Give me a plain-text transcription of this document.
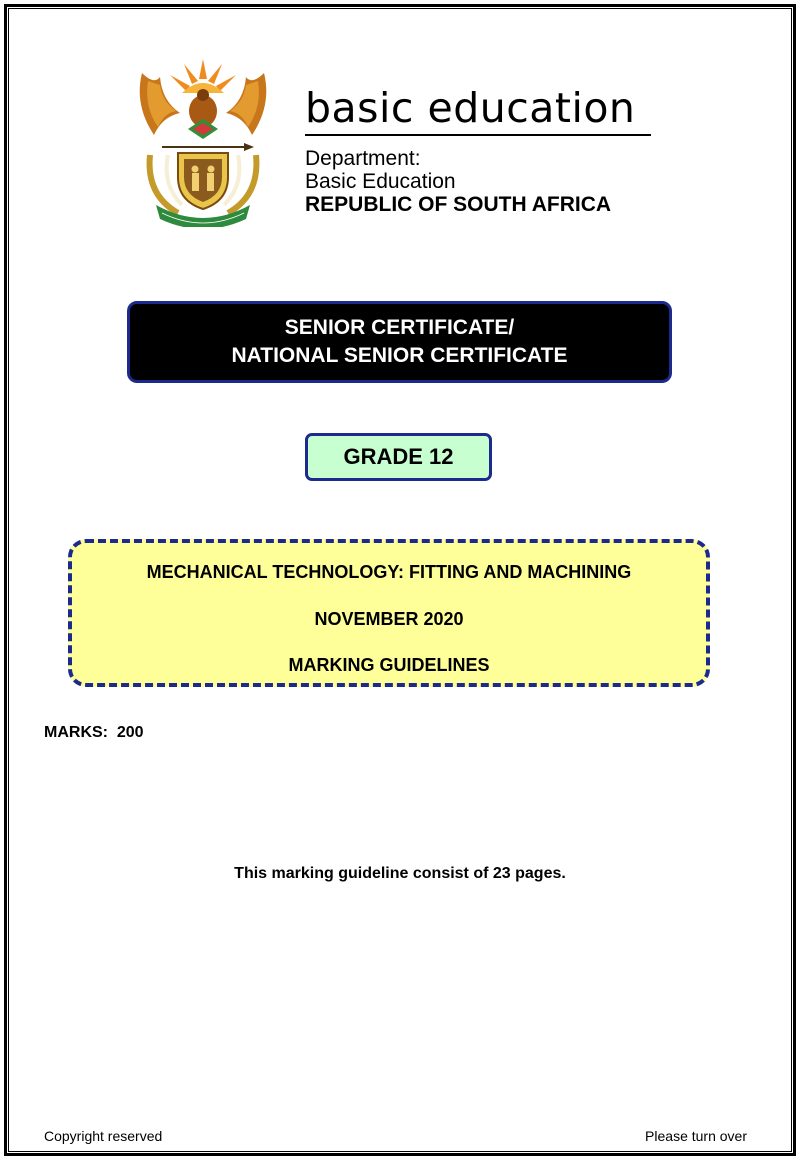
basic education
Department:
Basic Education
REPUBLIC OF SOUTH AFRICA
SENIOR CERTIFICATE/
NATIONAL SENIOR CERTIFICATE
GRADE 12
MECHANICAL TECHNOLOGY: FITTING AND MACHINING
NOVEMBER 2020
MARKING GUIDELINES
MARKS:  200
This marking guideline consist of 23 pages.
Copyright reserved	Please turn over
